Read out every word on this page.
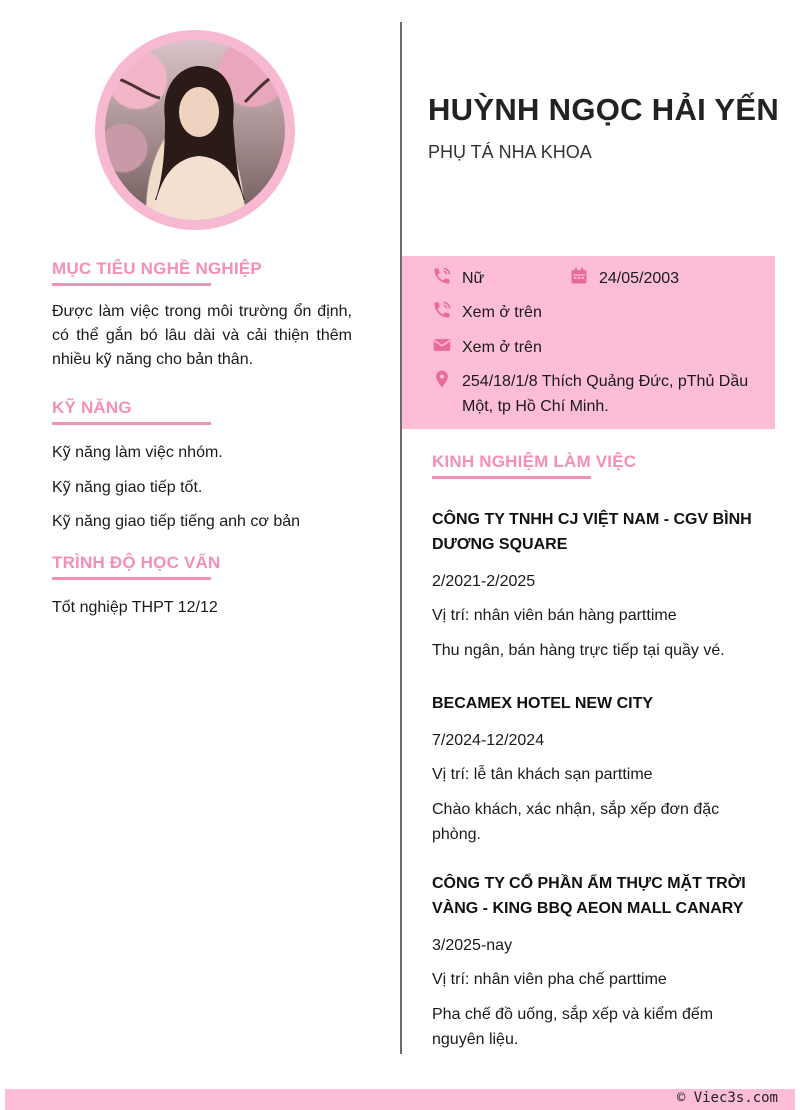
MỤC TIÊU NGHỀ NGHIỆP
Được làm việc trong môi trường ổn định, có thể gắn bó lâu dài và cải thiện thêm nhiều kỹ năng cho bản thân.
KỸ NĂNG
Kỹ năng làm việc nhóm.
Kỹ năng giao tiếp tốt.
Kỹ năng giao tiếp tiếng anh cơ bản
TRÌNH ĐỘ HỌC VẤN
Tốt nghiệp THPT 12/12
HUỲNH NGỌC HẢI YẾN
PHỤ TÁ NHA KHOA
Nữ	24/05/2003
Xem ở trên
Xem ở trên
254/18/1/8 Thích Quảng Đức, pThủ Dầu Một, tp Hồ Chí Minh.
KINH NGHIỆM LÀM VIỆC
CÔNG TY TNHH CJ VIỆT NAM - CGV BÌNH DƯƠNG SQUARE
2/2021-2/2025
Vị trí: nhân viên bán hàng parttime
Thu ngân, bán hàng trực tiếp tại quầy vé.
BECAMEX HOTEL NEW CITY
7/2024-12/2024
Vị trí: lễ tân khách sạn parttime
Chào khách, xác nhận, sắp xếp đơn đặc phòng.
CÔNG TY CỔ PHẦN ẨM THỰC MẶT TRỜI VÀNG - KING BBQ AEON MALL CANARY
3/2025-nay
Vị trí: nhân viên pha chế parttime
Pha chế đồ uống, sắp xếp và kiểm đếm nguyên liệu.
© Viec3s.com
